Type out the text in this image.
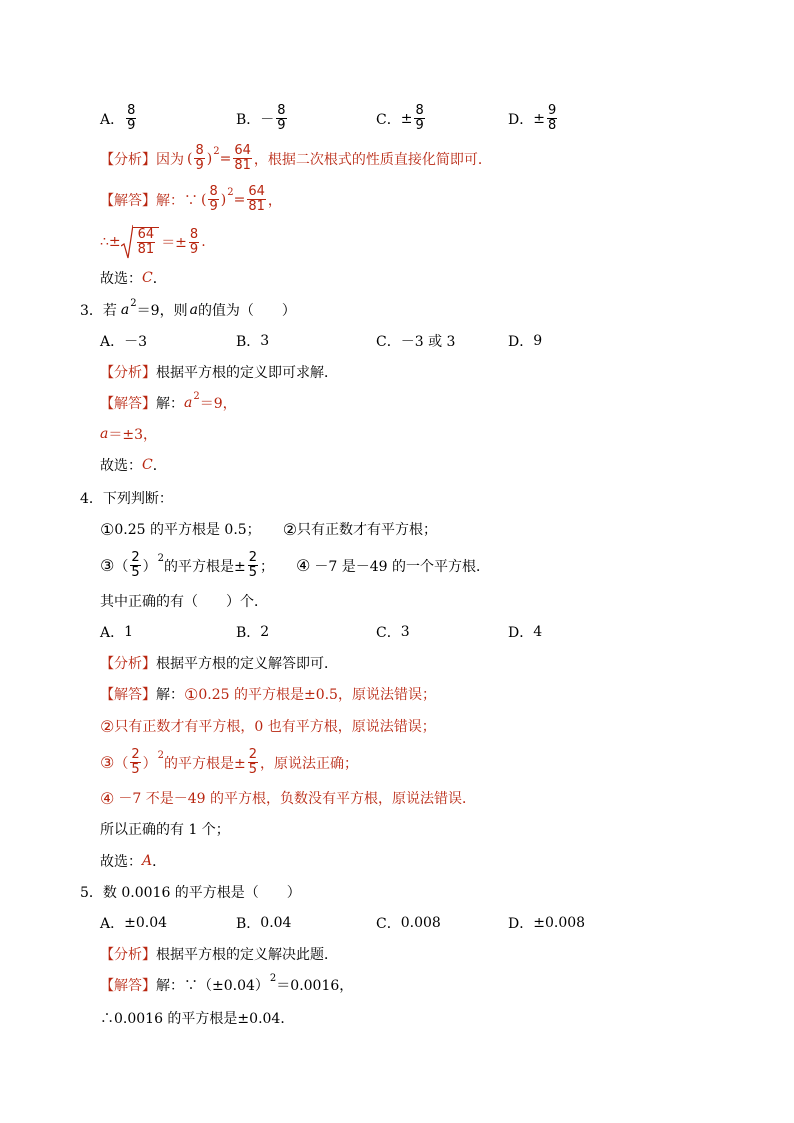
A． $\frac{8}{9}$	B． － $\frac{8}{9}$	C． ± $\frac{8}{9}$	D． ± $\frac{9}{8}$
【分析】 因为 ( $\frac{8}{9}$ ) $2 = \frac{64}{81}$ ，根据二次根式的性质直接化简即可．
【解答】 解：∵ ( $\frac{8}{9}$ ) $2 = \frac{64}{81}$ ，
∴± $\frac{64}{81} =\pm \frac{8}{9}$ .
故选： C ．
3． 若 a 2 ＝9，则 a 的值为（　　）
A． －3	B． 3	C． －3 或 3	D． 9
【分析】 根据平方根的定义即可求解．
【解答】 解： a 2 ＝9，
a ＝±3，
故选： C ．
4． 下列判断：
① 0.25 的平方根是 0.5； ② 只有正数才有平方根；
③ （ $\frac{2}{5}$ ） 2 的平方根是± $\frac{2}{5}$ ； ④ －7 是－49 的一个平方根．
其中正确的有（　　）个．
A． 1	B． 2	C． 3	D． 4
【分析】 根据平方根的定义解答即可．
【解答】 解： ① 0.25 的平方根是±0.5，原说法错误；
② 只有正数才有平方根，0 也有平方根，原说法错误；
③ （ $\frac{2}{5}$ ） 2 的平方根是± $\frac{2}{5}$ ，原说法正确；
④ －7 不是－49 的平方根，负数没有平方根，原说法错误．
所以正确的有 1 个；
故选： A ．
5． 数 0.0016 的平方根是（　　）
A． ±0.04	B． 0.04	C． 0.008	D． ±0.008
【分析】 根据平方根的定义解决此题．
【解答】 解：∵（±0.04） 2 ＝0.0016，
∴0.0016 的平方根是±0.04．
